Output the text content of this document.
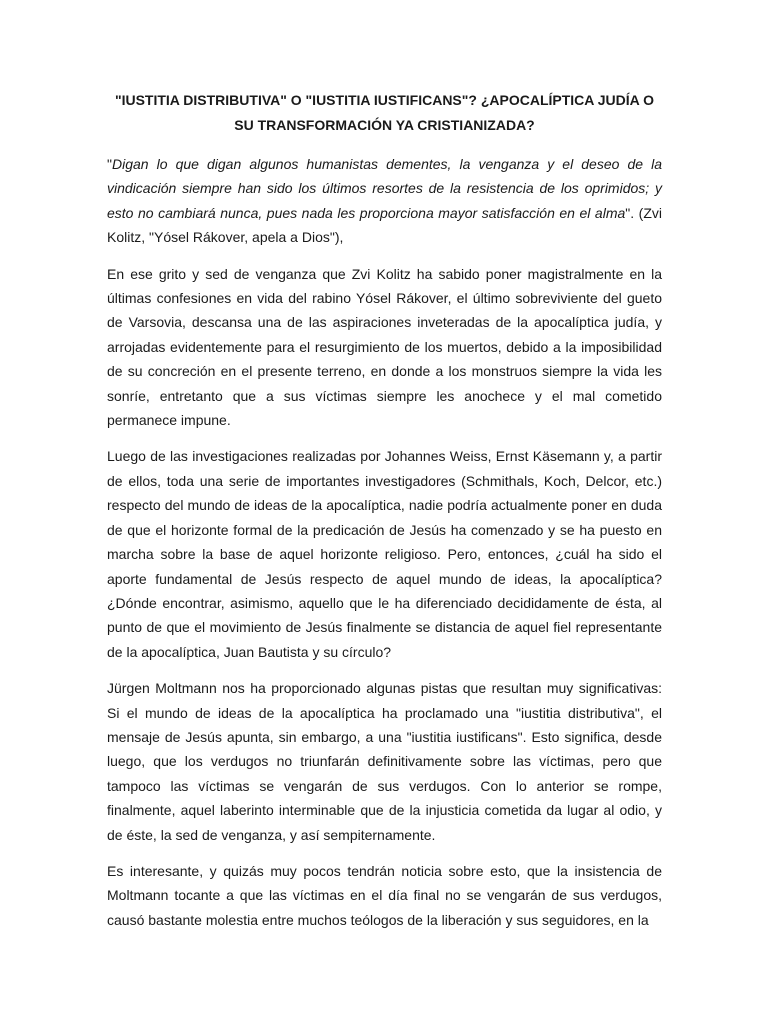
"IUSTITIA DISTRIBUTIVA" O "IUSTITIA IUSTIFICANS"? ¿APOCALÍPTICA JUDÍA O SU TRANSFORMACIÓN YA CRISTIANIZADA?

"Digan lo que digan algunos humanistas dementes, la venganza y el deseo de la vindicación siempre han sido los últimos resortes de la resistencia de los oprimidos; y esto no cambiará nunca, pues nada les proporciona mayor satisfacción en el alma". (Zvi Kolitz, "Yósel Rákover, apela a Dios"),

En ese grito y sed de venganza que Zvi Kolitz ha sabido poner magistralmente en la últimas confesiones en vida del rabino Yósel Rákover, el último sobreviviente del gueto de Varsovia, descansa una de las aspiraciones inveteradas de la apocalíptica judía, y arrojadas evidentemente para el resurgimiento de los muertos, debido a la imposibilidad de su concreción en el presente terreno, en donde a los monstruos siempre la vida les sonríe, entretanto que a sus víctimas siempre les anochece y el mal cometido permanece impune.

Luego de las investigaciones realizadas por Johannes Weiss, Ernst Käsemann y, a partir de ellos, toda una serie de importantes investigadores (Schmithals, Koch, Delcor, etc.) respecto del mundo de ideas de la apocalíptica, nadie podría actualmente poner en duda de que el horizonte formal de la predicación de Jesús ha comenzado y se ha puesto en marcha sobre la base de aquel horizonte religioso. Pero, entonces, ¿cuál ha sido el aporte fundamental de Jesús respecto de aquel mundo de ideas, la apocalíptica? ¿Dónde encontrar, asimismo, aquello que le ha diferenciado decididamente de ésta, al punto de que el movimiento de Jesús finalmente se distancia de aquel fiel representante de la apocalíptica, Juan Bautista y su círculo?

Jürgen Moltmann nos ha proporcionado algunas pistas que resultan muy significativas: Si el mundo de ideas de la apocalíptica ha proclamado una "iustitia distributiva", el mensaje de Jesús apunta, sin embargo, a una "iustitia iustificans". Esto significa, desde luego, que los verdugos no triunfarán definitivamente sobre las víctimas, pero que tampoco las víctimas se vengarán de sus verdugos. Con lo anterior se rompe, finalmente, aquel laberinto interminable que de la injusticia cometida da lugar al odio, y de éste, la sed de venganza, y así sempiternamente.

Es interesante, y quizás muy pocos tendrán noticia sobre esto, que la insistencia de Moltmann tocante a que las víctimas en el día final no se vengarán de sus verdugos, causó bastante molestia entre muchos teólogos de la liberación y sus seguidores, en la
